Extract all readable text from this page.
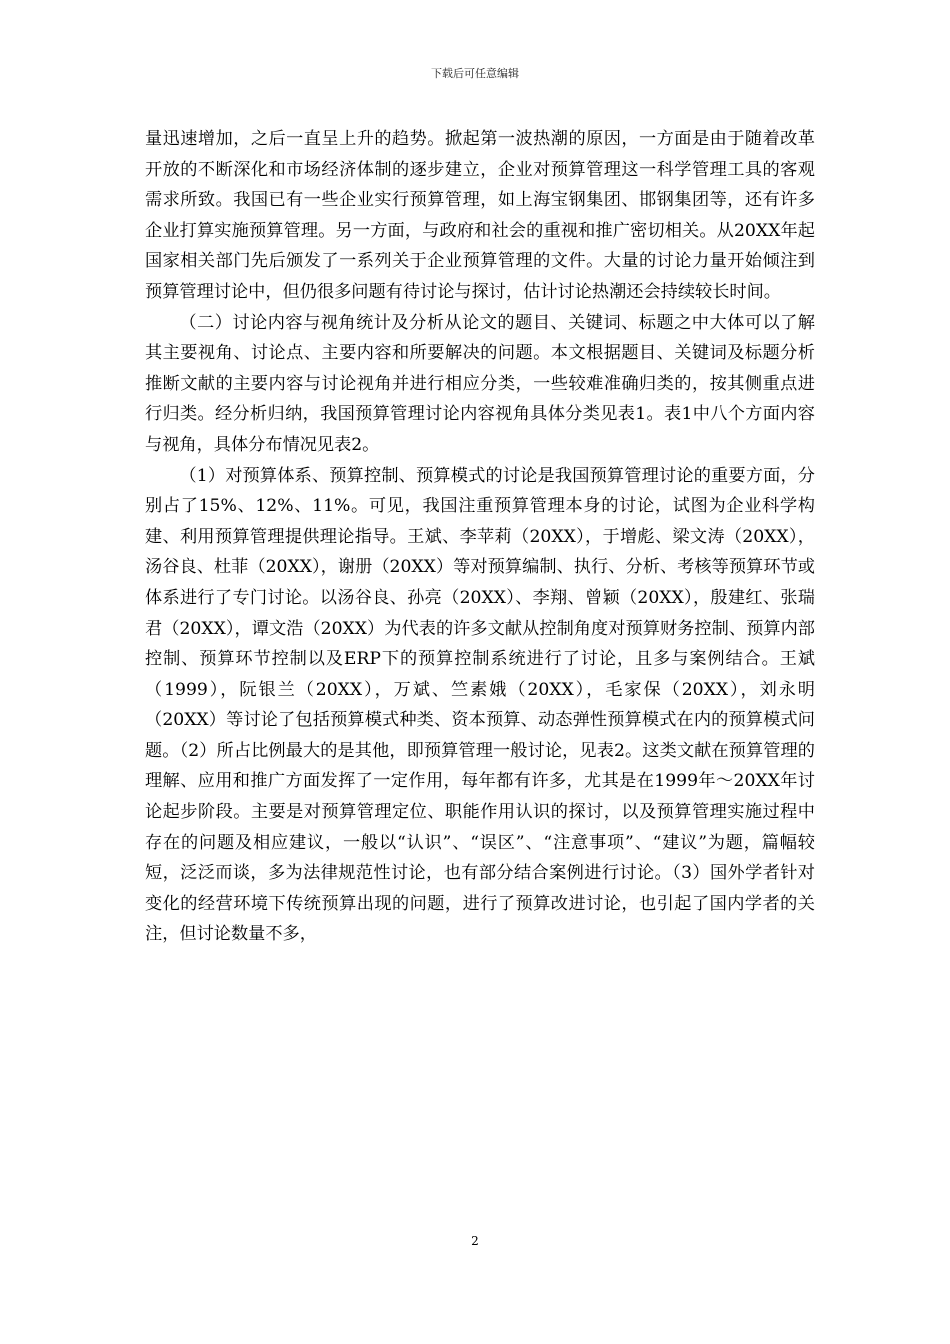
下载后可任意编辑

量迅速增加，之后一直呈上升的趋势。掀起第一波热潮的原因，一方面是由于随着改革开放的不断深化和市场经济体制的逐步建立，企业对预算管理这一科学管理工具的客观需求所致。我国已有一些企业实行预算管理，如上海宝钢集团、邯钢集团等，还有许多企业打算实施预算管理。另一方面，与政府和社会的重视和推广密切相关。从20XX年起国家相关部门先后颁发了一系列关于企业预算管理的文件。大量的讨论力量开始倾注到预算管理讨论中，但仍很多问题有待讨论与探讨，估计讨论热潮还会持续较长时间。

（二）讨论内容与视角统计及分析从论文的题目、关键词、标题之中大体可以了解其主要视角、讨论点、主要内容和所要解决的问题。本文根据题目、关键词及标题分析推断文献的主要内容与讨论视角并进行相应分类，一些较难准确归类的，按其侧重点进行归类。经分析归纳，我国预算管理讨论内容视角具体分类见表1。表1中八个方面内容与视角，具体分布情况见表2。

（1）对预算体系、预算控制、预算模式的讨论是我国预算管理讨论的重要方面，分别占了15%、12%、11%。可见，我国注重预算管理本身的讨论，试图为企业科学构建、利用预算管理提供理论指导。王斌、李苹莉（20XX），于增彪、梁文涛（20XX），汤谷良、杜菲（20XX），谢册（20XX）等对预算编制、执行、分析、考核等预算环节或体系进行了专门讨论。以汤谷良、孙亮（20XX）、李翔、曾颖（20XX），殷建红、张瑞君（20XX），谭文浩（20XX）为代表的许多文献从控制角度对预算财务控制、预算内部控制、预算环节控制以及ERP下的预算控制系统进行了讨论，且多与案例结合。王斌（1999），阮银兰（20XX），万斌、竺素娥（20XX），毛家保（20XX），刘永明（20XX）等讨论了包括预算模式种类、资本预算、动态弹性预算模式在内的预算模式问题。（2）所占比例最大的是其他，即预算管理一般讨论，见表2。这类文献在预算管理的理解、应用和推广方面发挥了一定作用，每年都有许多，尤其是在1999年～20XX年讨论起步阶段。主要是对预算管理定位、职能作用认识的探讨，以及预算管理实施过程中存在的问题及相应建议，一般以“认识”、“误区”、“注意事项”、“建议”为题，篇幅较短，泛泛而谈，多为法律规范性讨论，也有部分结合案例进行讨论。（3）国外学者针对变化的经营环境下传统预算出现的问题，进行了预算改进讨论，也引起了国内学者的关注，但讨论数量不多，

2
